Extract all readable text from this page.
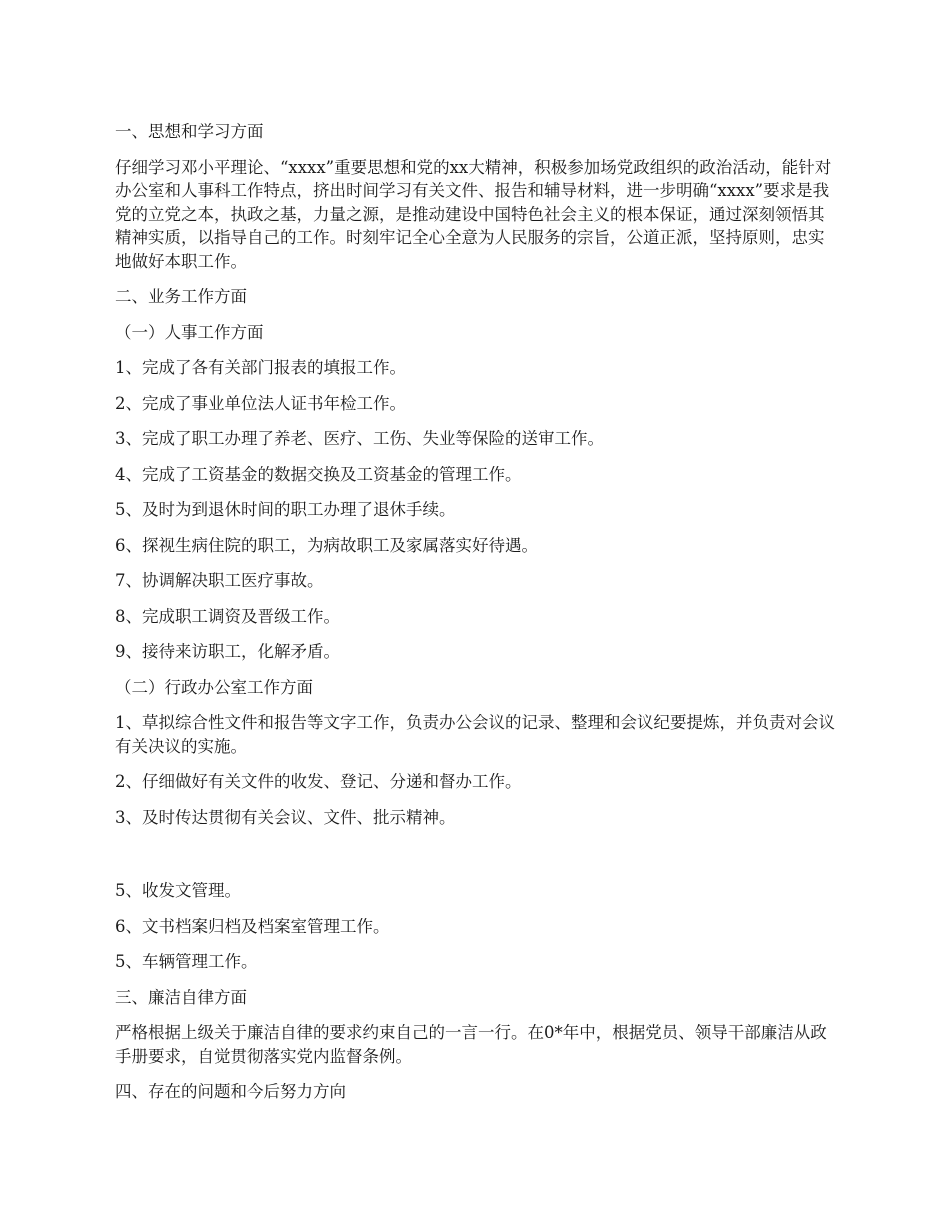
一、思想和学习方面

仔细学习邓小平理论、“xxxx”重要思想和党的xx大精神，积极参加场党政组织的政治活动，能针对办公室和人事科工作特点，挤出时间学习有关文件、报告和辅导材料，进一步明确“xxxx”要求是我党的立党之本，执政之基，力量之源，是推动建设中国特色社会主义的根本保证，通过深刻领悟其精神实质，以指导自己的工作。时刻牢记全心全意为人民服务的宗旨，公道正派，坚持原则，忠实地做好本职工作。

二、业务工作方面

（一）人事工作方面

1、完成了各有关部门报表的填报工作。

2、完成了事业单位法人证书年检工作。

3、完成了职工办理了养老、医疗、工伤、失业等保险的送审工作。

4、完成了工资基金的数据交换及工资基金的管理工作。

5、及时为到退休时间的职工办理了退休手续。

6、探视生病住院的职工，为病故职工及家属落实好待遇。

7、协调解决职工医疗事故。

8、完成职工调资及晋级工作。

9、接待来访职工，化解矛盾。

（二）行政办公室工作方面

1、草拟综合性文件和报告等文字工作，负责办公会议的记录、整理和会议纪要提炼，并负责对会议有关决议的实施。

2、仔细做好有关文件的收发、登记、分递和督办工作。

3、及时传达贯彻有关会议、文件、批示精神。

5、收发文管理。

6、文书档案归档及档案室管理工作。

5、车辆管理工作。

三、廉洁自律方面

严格根据上级关于廉洁自律的要求约束自己的一言一行。在0*年中，根据党员、领导干部廉洁从政手册要求，自觉贯彻落实党内监督条例。

四、存在的问题和今后努力方向
